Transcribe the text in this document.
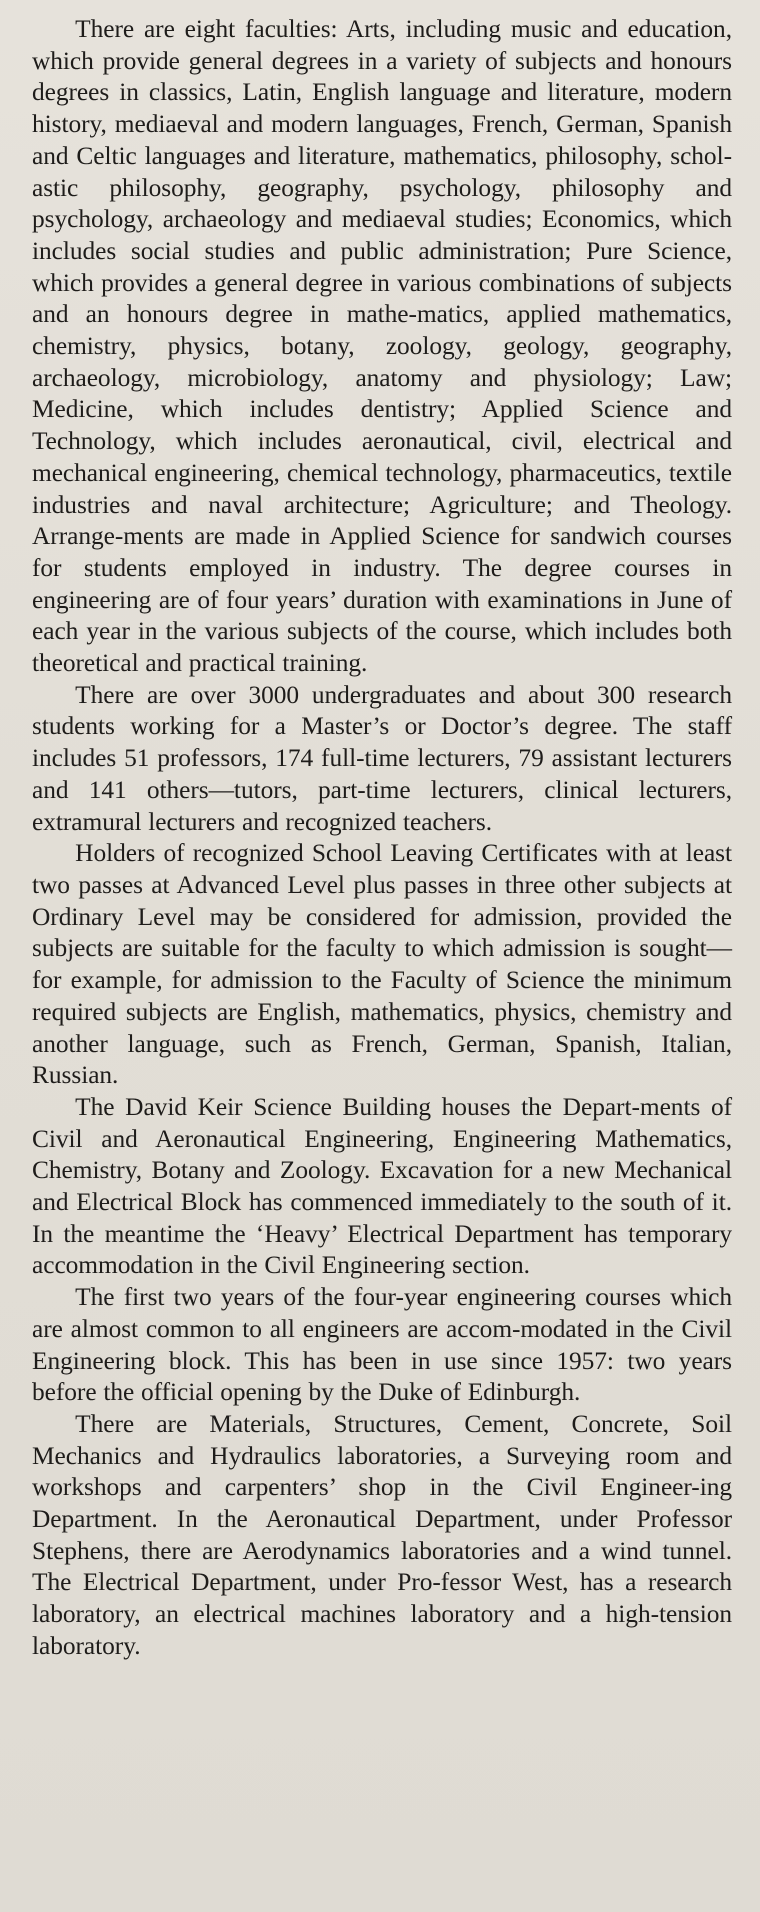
There are eight faculties: Arts, including music and education, which provide general degrees in a variety of subjects and honours degrees in classics, Latin, English language and literature, modern history, mediaeval and modern languages, French, German, Spanish and Celtic languages and literature, mathematics, philosophy, schol-astic philosophy, geography, psychology, philosophy and psychology, archaeology and mediaeval studies; Economics, which includes social studies and public administration; Pure Science, which provides a general degree in various combinations of subjects and an honours degree in mathe-matics, applied mathematics, chemistry, physics, botany, zoology, geology, geography, archaeology, microbiology, anatomy and physiology; Law; Medicine, which includes dentistry; Applied Science and Technology, which includes aeronautical, civil, electrical and mechanical engineering, chemical technology, pharmaceutics, textile industries and naval architecture; Agriculture; and Theology. Arrange-ments are made in Applied Science for sandwich courses for students employed in industry. The degree courses in engineering are of four years’ duration with examinations in June of each year in the various subjects of the course, which includes both theoretical and practical training.

There are over 3000 undergraduates and about 300 research students working for a Master’s or Doctor’s degree. The staff includes 51 professors, 174 full-time lecturers, 79 assistant lecturers and 141 others—tutors, part-time lecturers, clinical lecturers, extramural lecturers and recognized teachers.

Holders of recognized School Leaving Certificates with at least two passes at Advanced Level plus passes in three other subjects at Ordinary Level may be considered for admission, provided the subjects are suitable for the faculty to which admission is sought—for example, for admission to the Faculty of Science the minimum required subjects are English, mathematics, physics, chemistry and another language, such as French, German, Spanish, Italian, Russian.

The David Keir Science Building houses the Depart-ments of Civil and Aeronautical Engineering, Engineering Mathematics, Chemistry, Botany and Zoology. Excavation for a new Mechanical and Electrical Block has commenced immediately to the south of it. In the meantime the ‘Heavy’ Electrical Department has temporary accommodation in the Civil Engineering section.

The first two years of the four-year engineering courses which are almost common to all engineers are accom-modated in the Civil Engineering block. This has been in use since 1957: two years before the official opening by the Duke of Edinburgh.

There are Materials, Structures, Cement, Concrete, Soil Mechanics and Hydraulics laboratories, a Surveying room and workshops and carpenters’ shop in the Civil Engineer-ing Department. In the Aeronautical Department, under Professor Stephens, there are Aerodynamics laboratories and a wind tunnel. The Electrical Department, under Pro-fessor West, has a research laboratory, an electrical machines laboratory and a high-tension laboratory.
